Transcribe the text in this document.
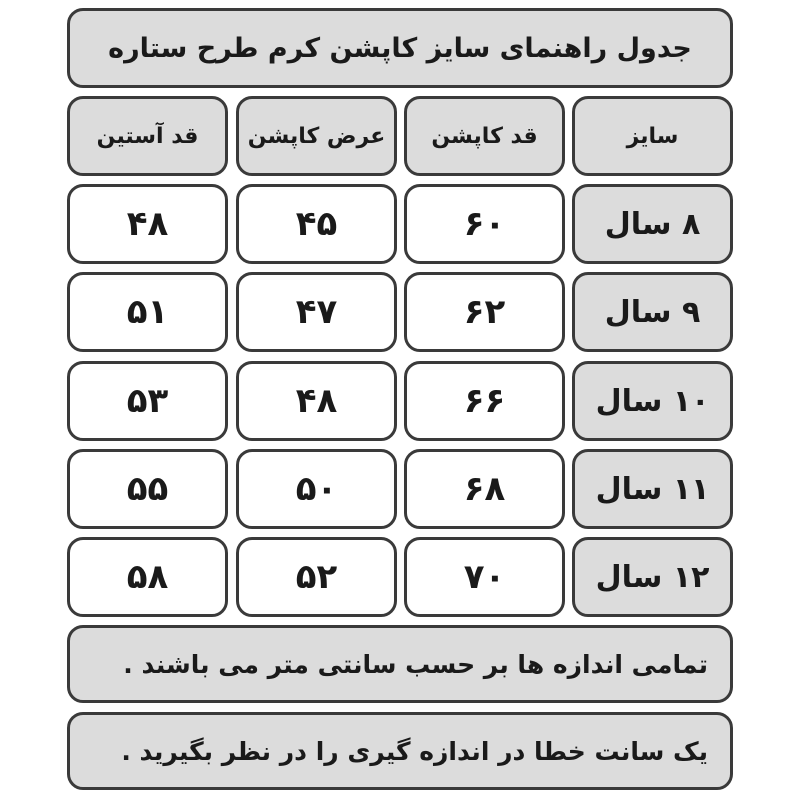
جدول راهنمای سایز کاپشن کرم طرح ستاره
سایز
قد کاپشن
عرض کاپشن
قد آستین
۸ سال
۶۰
۴۵
۴۸
۹ سال
۶۲
۴۷
۵۱
۱۰ سال
۶۶
۴۸
۵۳
۱۱ سال
۶۸
۵۰
۵۵
۱۲ سال
۷۰
۵۲
۵۸
تمامی اندازه ها بر حسب سانتی متر می باشند .
یک سانت خطا در اندازه گیری را در نظر بگیرید .
